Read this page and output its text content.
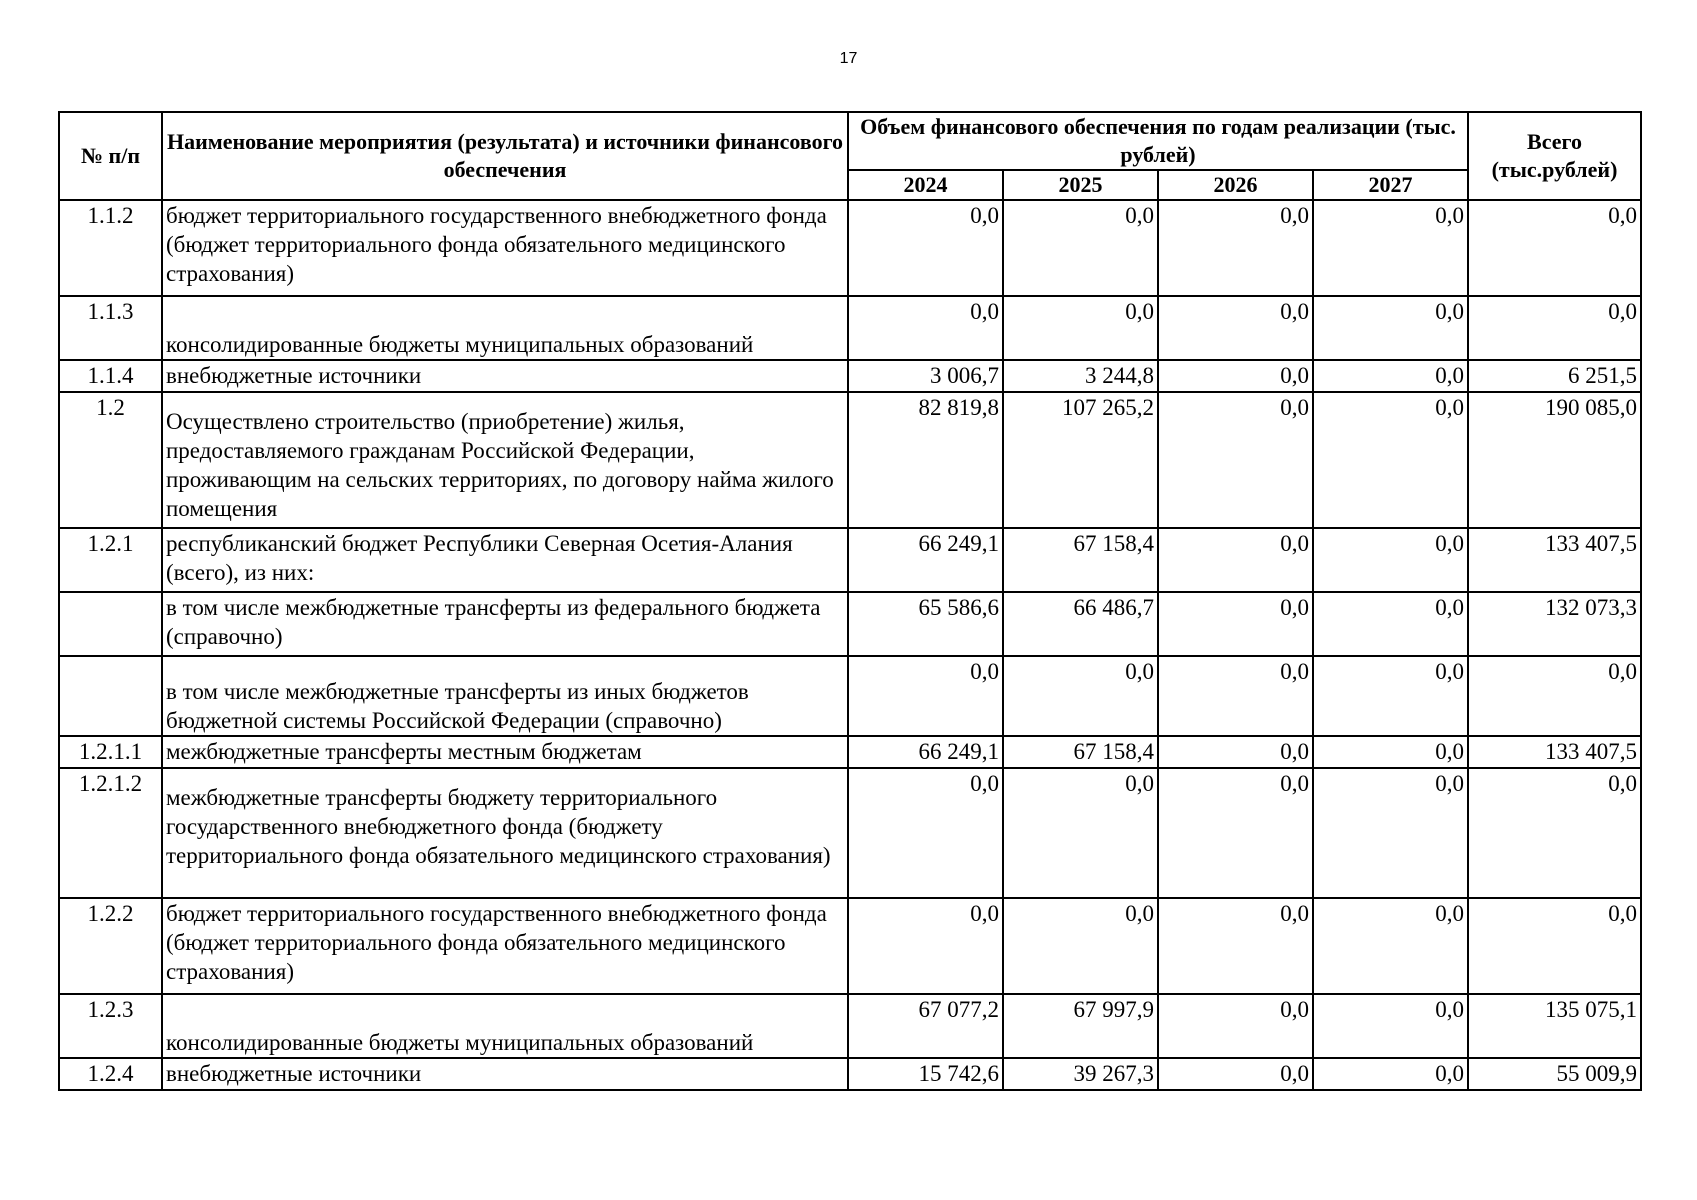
17
№ п/п	Наименование мероприятия (результата) и источники финансового обеспечения	Объем финансового обеспечения по годам реализации (тыс. рублей)				Всего (тыс.рублей)
		2024	2025	2026	2027	
1.1.2	бюджет территориального государственного внебюджетного фонда (бюджет территориального фонда обязательного медицинского страхования)	0,0	0,0	0,0	0,0	0,0
1.1.3	консолидированные бюджеты муниципальных образований	0,0	0,0	0,0	0,0	0,0
1.1.4	внебюджетные источники	3 006,7	3 244,8	0,0	0,0	6 251,5
1.2	Осуществлено строительство (приобретение) жилья, предоставляемого гражданам Российской Федерации, проживающим на сельских территориях, по договору найма жилого помещения	82 819,8	107 265,2	0,0	0,0	190 085,0
1.2.1	республиканский бюджет Республики Северная Осетия-Алания (всего), из них:	66 249,1	67 158,4	0,0	0,0	133 407,5
	в том числе межбюджетные трансферты из федерального бюджета (справочно)	65 586,6	66 486,7	0,0	0,0	132 073,3
	в том числе межбюджетные трансферты из иных бюджетов бюджетной системы Российской Федерации (справочно)	0,0	0,0	0,0	0,0	0,0
1.2.1.1	межбюджетные трансферты местным бюджетам	66 249,1	67 158,4	0,0	0,0	133 407,5
1.2.1.2	межбюджетные трансферты бюджету территориального государственного внебюджетного фонда (бюджету территориального фонда обязательного медицинского страхования)	0,0	0,0	0,0	0,0	0,0
1.2.2	бюджет территориального государственного внебюджетного фонда (бюджет территориального фонда обязательного медицинского страхования)	0,0	0,0	0,0	0,0	0,0
1.2.3	консолидированные бюджеты муниципальных образований	67 077,2	67 997,9	0,0	0,0	135 075,1
1.2.4	внебюджетные источники	15 742,6	39 267,3	0,0	0,0	55 009,9
